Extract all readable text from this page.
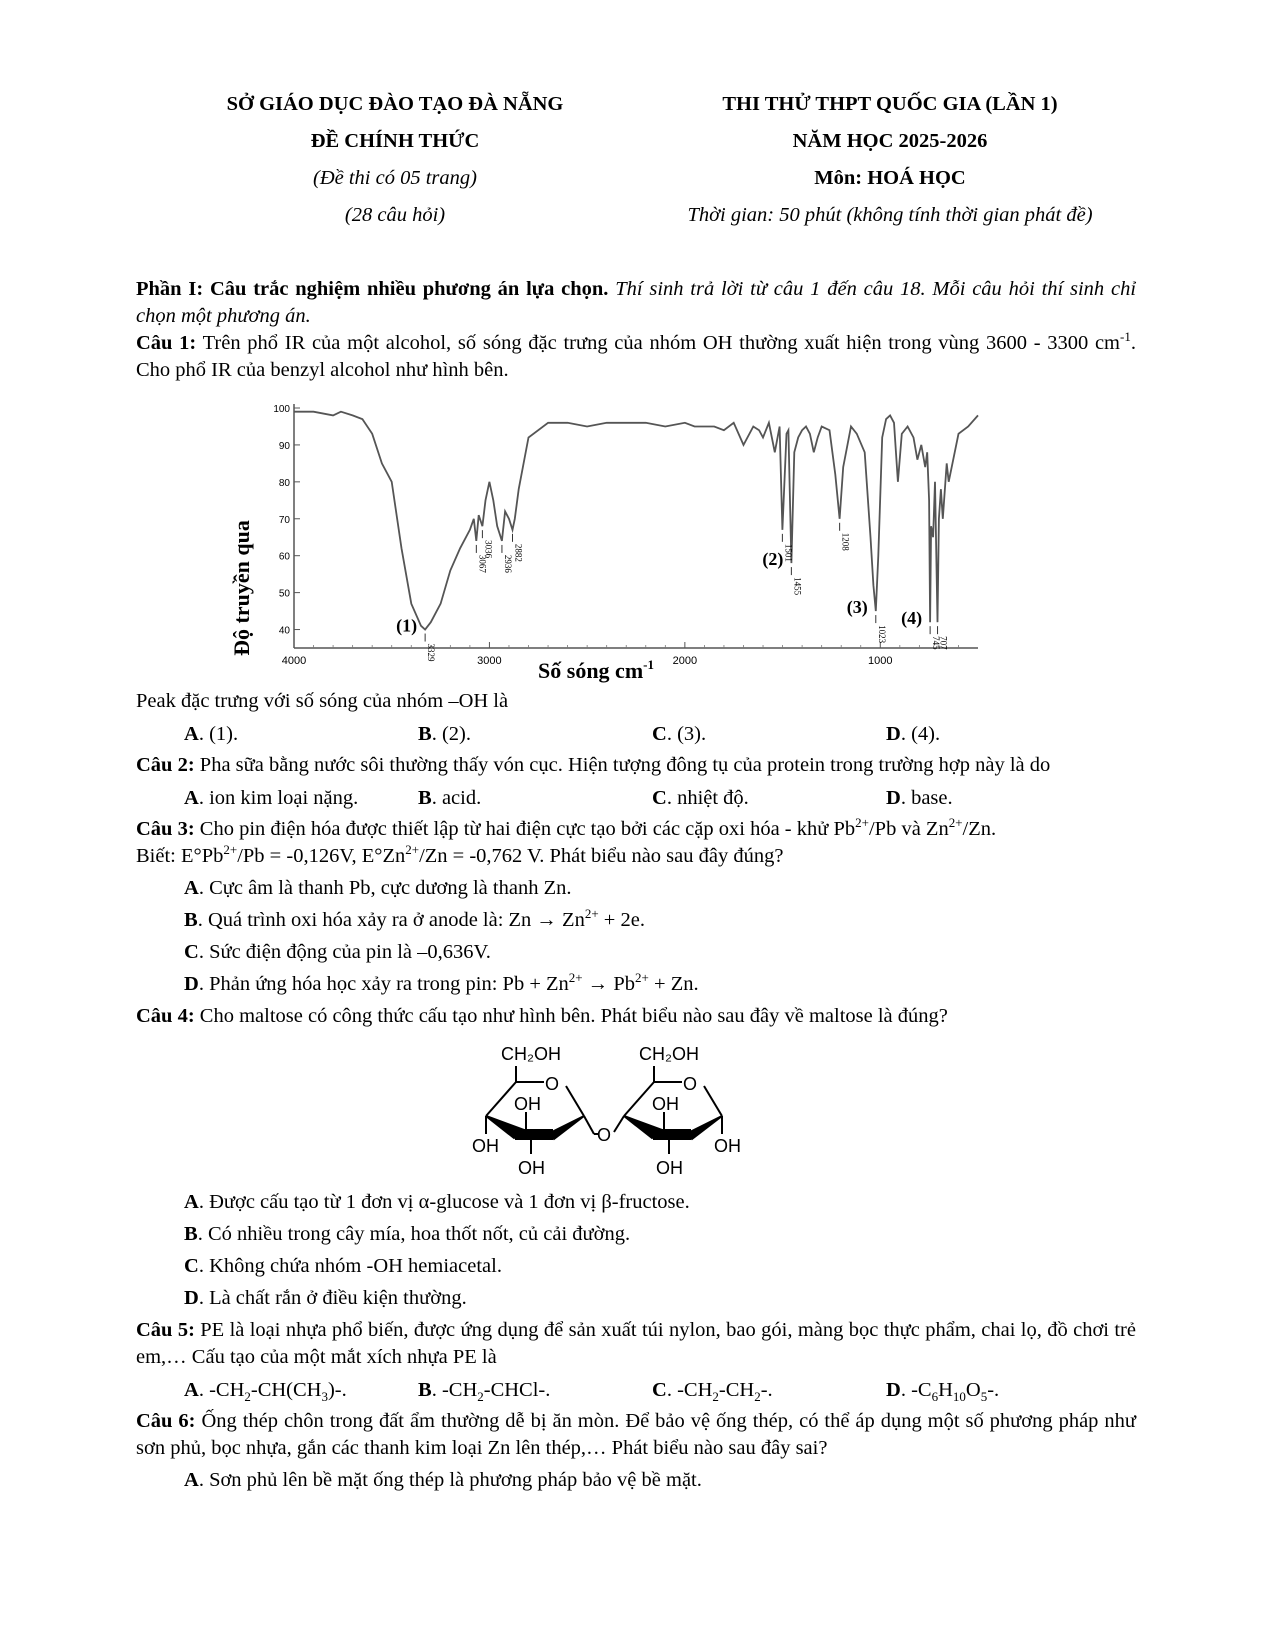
SỞ GIÁO DỤC ĐÀO TẠO ĐÀ NẴNG
ĐỀ CHÍNH THỨC
(Đề thi có 05 trang)
(28 câu hỏi)
THI THỬ THPT QUỐC GIA (LẦN 1)
NĂM HỌC 2025-2026
Môn: HOÁ HỌC
Thời gian: 50 phút (không tính thời gian phát đề)

Phần I: Câu trắc nghiệm nhiều phương án lựa chọn. Thí sinh trả lời từ câu 1 đến câu 18. Mỗi câu hỏi thí sinh chỉ chọn một phương án.

Câu 1: Trên phổ IR của một alcohol, số sóng đặc trưng của nhóm OH thường xuất hiện trong vùng 3600 - 3300 $cm^{-1}$. Cho phổ IR của benzyl alcohol như hình bên.

Độ truyền qua
Số sóng $cm^{-1}$
100
90
80
70
60
50
40
4000	3000	2000	1000
3067
3036
2936
2882	1501
1208
707
3329
(1)
1455
(2)
1023
(3)
745
(4)

Peak đặc trưng với số sóng của nhóm –OH là

A. (1).	B. (2).	C. (3).	D. (4).

Câu 2: Pha sữa bằng nước sôi thường thấy vón cục. Hiện tượng đông tụ của protein trong trường hợp này là do

A. ion kim loại nặng.	B. acid.	C. nhiệt độ.	D. base.

Câu 3: Cho pin điện hóa được thiết lập từ hai điện cực tạo bởi các cặp oxi hóa - khử $Pb^{2+}/Pb$ và $Zn^{2+}/Zn$.
Biết: $E^\circ Pb^{2+}/Pb = -0,126V$, $E^\circ Zn^{2+}/Zn = -0,762$ V. Phát biểu nào sau đây đúng?

A. Cực âm là thanh Pb, cực dương là thanh Zn.

B. Quá trình oxi hóa xảy ra ở anode là: $Zn \to Zn^{2+} + 2e$.

C. Sức điện động của pin là –0,636V.

D. Phản ứng hóa học xảy ra trong pin: $Pb + Zn^{2+} \to Pb^{2+} + Zn$.

Câu 4: Cho maltose có công thức cấu tạo như hình bên. Phát biểu nào sau đây về maltose là đúng?

CH₂OH
O
OH
OH
OH
O
CH₂OH
O
OH
OH
OH

A. Được cấu tạo từ 1 đơn vị α-glucose và 1 đơn vị β-fructose.

B. Có nhiều trong cây mía, hoa thốt nốt, củ cải đường.

C. Không chứa nhóm -OH hemiacetal.

D. Là chất rắn ở điều kiện thường.

Câu 5: PE là loại nhựa phổ biến, được ứng dụng để sản xuất túi nylon, bao gói, màng bọc thực phẩm, chai lọ, đồ chơi trẻ em,… Cấu tạo của một mắt xích nhựa PE là

A. $-CH_2-CH(CH_3)-$.	B. $-CH_2-CHCl-$.	C. $-CH_2-CH_2-$.	D. $-C_6H_{10}O_5-$.

Câu 6: Ống thép chôn trong đất ẩm thường dễ bị ăn mòn. Để bảo vệ ống thép, có thể áp dụng một số phương pháp như sơn phủ, bọc nhựa, gắn các thanh kim loại Zn lên thép,… Phát biểu nào sau đây sai?

A. Sơn phủ lên bề mặt ống thép là phương pháp bảo vệ bề mặt.
